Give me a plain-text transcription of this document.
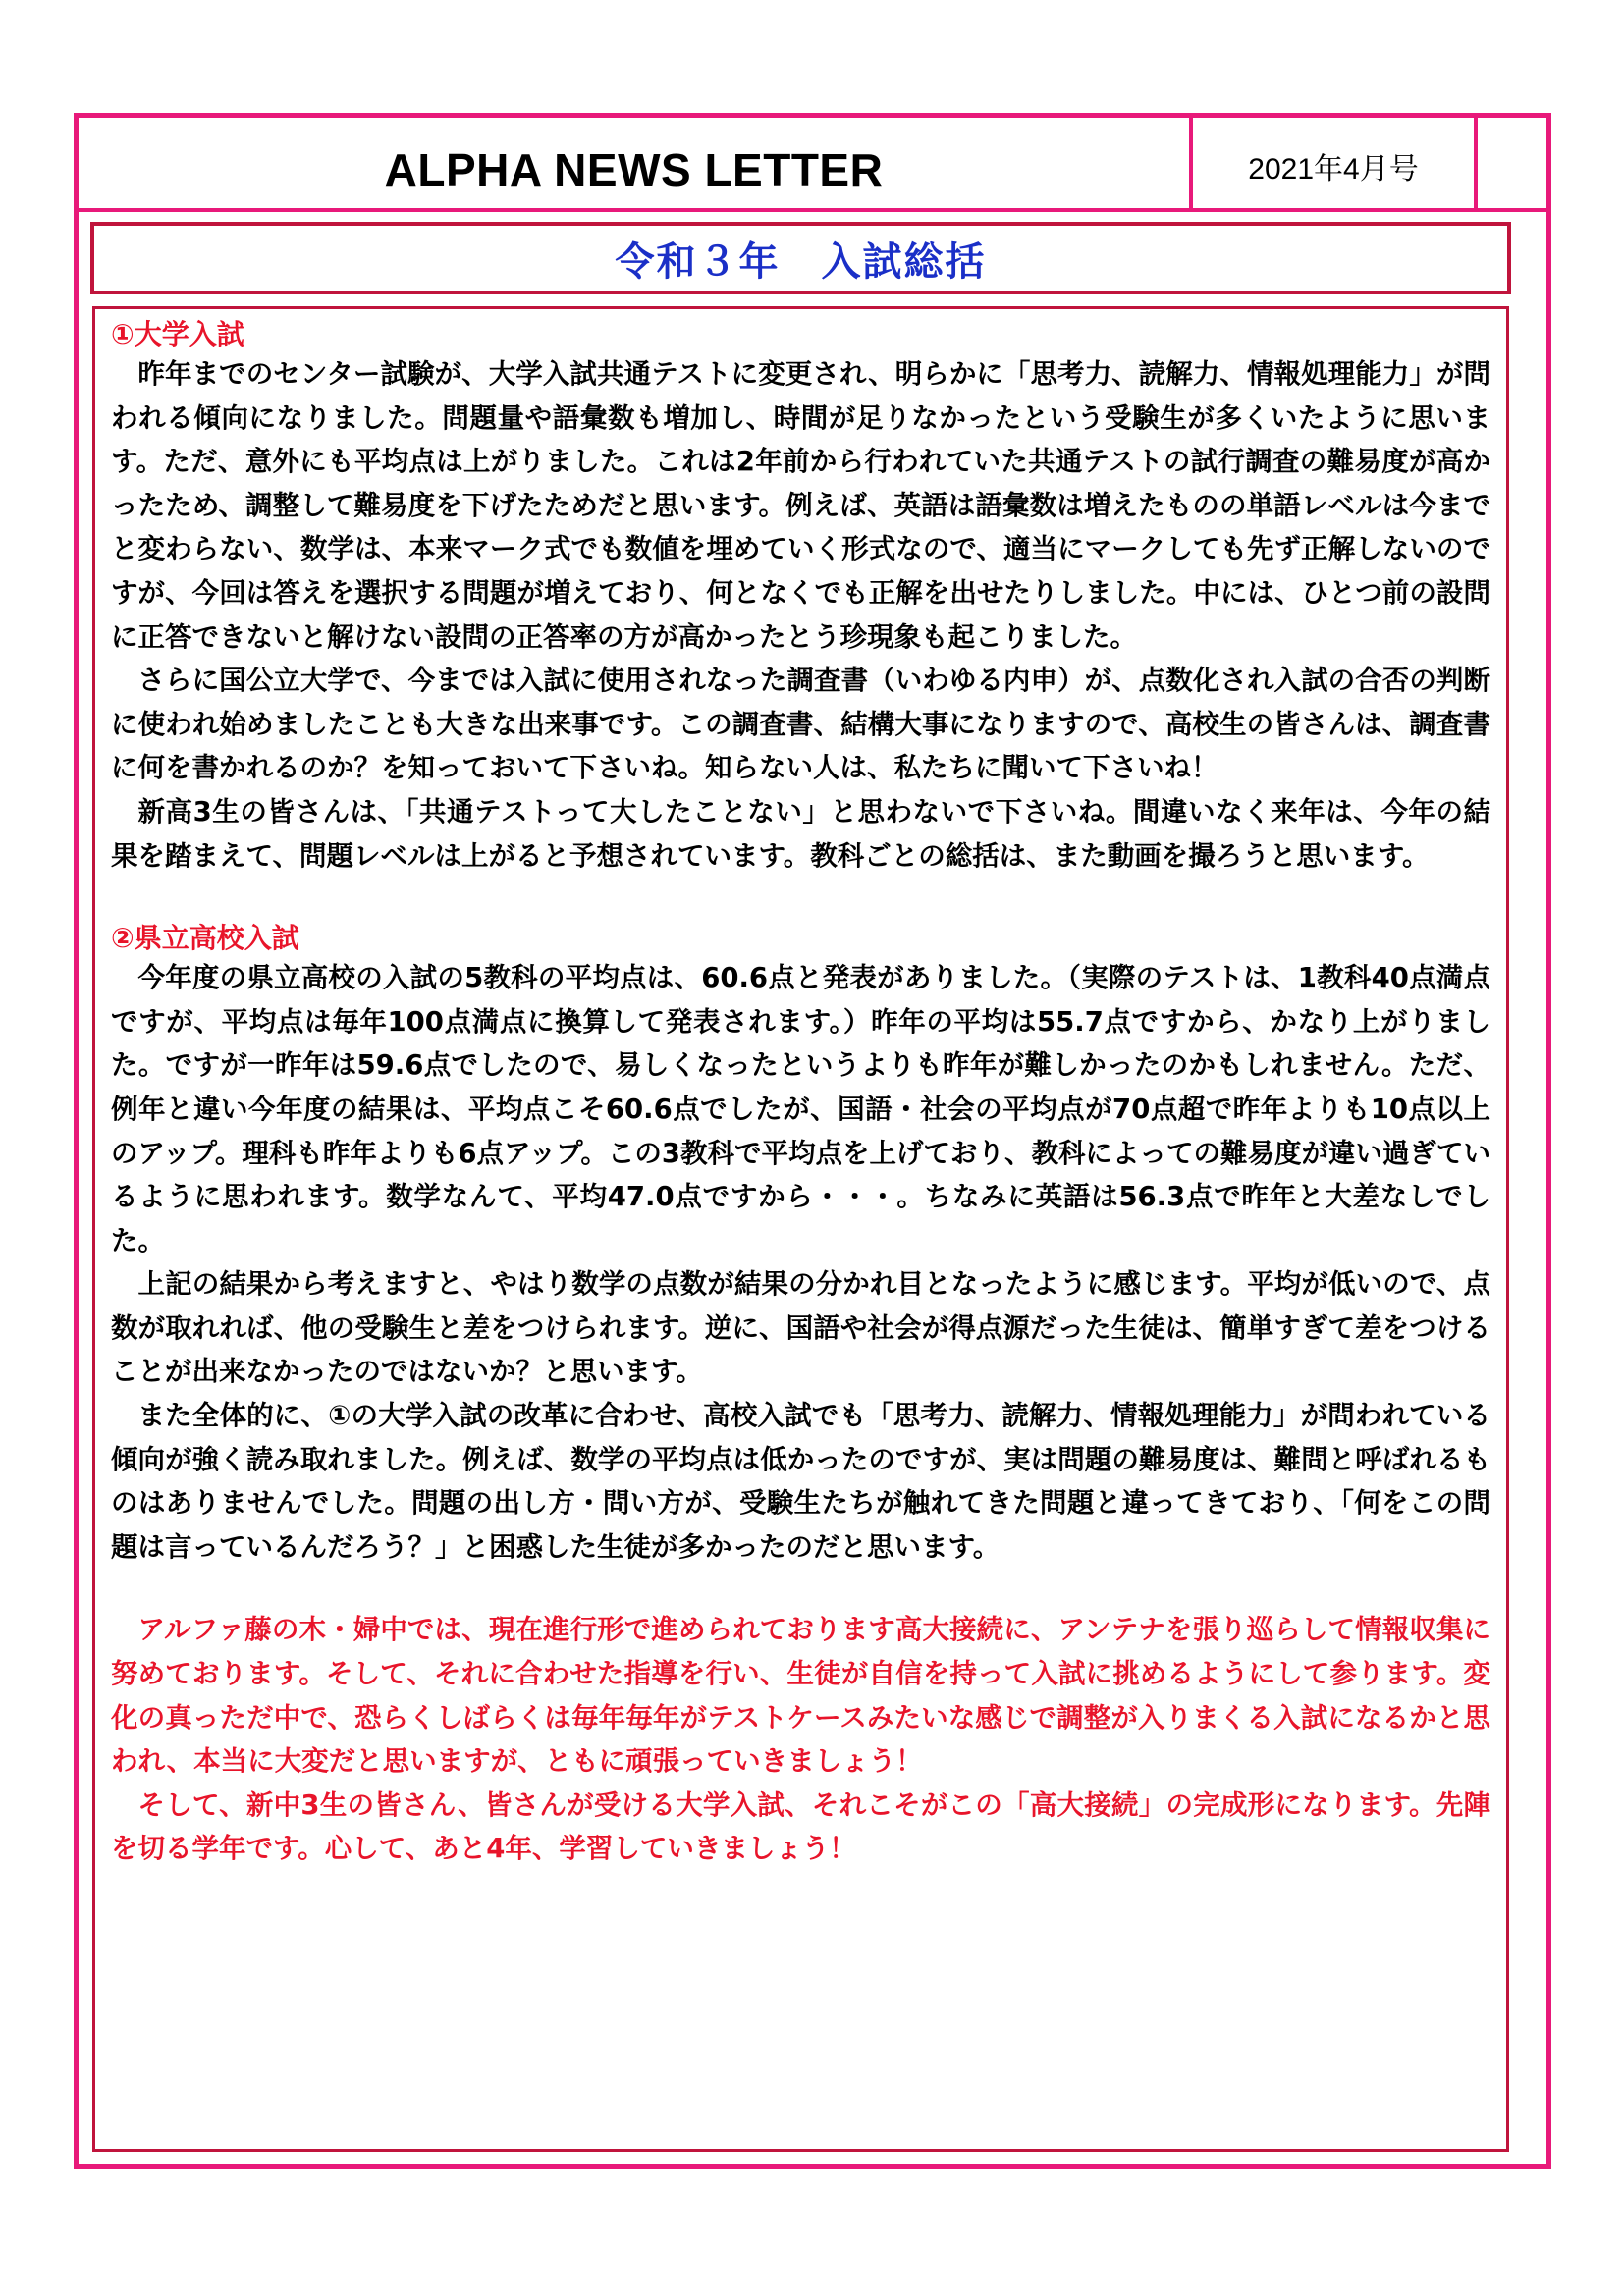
ALPHA NEWS LETTER	2021年4月号
令和３年　入試総括
①大学入試

昨年までのセンター試験が、大学入試共通テストに変更され、明らかに「思考力、読解力、情報処理能力」が問われる傾向になりました。問題量や語彙数も増加し、時間が足りなかったという受験生が多くいたように思います。ただ、意外にも平均点は上がりました。これは2年前から行われていた共通テストの試行調査の難易度が高かったため、調整して難易度を下げたためだと思います。例えば、英語は語彙数は増えたものの単語レベルは今までと変わらない、数学は、本来マーク式でも数値を埋めていく形式なので、適当にマークしても先ず正解しないのですが、今回は答えを選択する問題が増えており、何となくでも正解を出せたりしました。中には、ひとつ前の設問に正答できないと解けない設問の正答率の方が高かったとう珍現象も起こりました。

さらに国公立大学で、今までは入試に使用されなった調査書（いわゆる内申）が、点数化され入試の合否の判断に使われ始めましたことも大きな出来事です。この調査書、結構大事になりますので、高校生の皆さんは、調査書に何を書かれるのか？を知っておいて下さいね。知らない人は、私たちに聞いて下さいね！

新高3生の皆さんは、「共通テストって大したことない」と思わないで下さいね。間違いなく来年は、今年の結果を踏まえて、問題レベルは上がると予想されています。教科ごとの総括は、また動画を撮ろうと思います。

②県立高校入試

今年度の県立高校の入試の5教科の平均点は、60.6点と発表がありました。（実際のテストは、1教科40点満点ですが、平均点は毎年100点満点に換算して発表されます。）昨年の平均は55.7点ですから、かなり上がりました。ですが一昨年は59.6点でしたので、易しくなったというよりも昨年が難しかったのかもしれません。ただ、例年と違い今年度の結果は、平均点こそ60.6点でしたが、国語・社会の平均点が70点超で昨年よりも10点以上のアップ。理科も昨年よりも6点アップ。この3教科で平均点を上げており、教科によっての難易度が違い過ぎているように思われます。数学なんて、平均47.0点ですから・・・。ちなみに英語は56.3点で昨年と大差なしでした。

上記の結果から考えますと、やはり数学の点数が結果の分かれ目となったように感じます。平均が低いので、点数が取れれば、他の受験生と差をつけられます。逆に、国語や社会が得点源だった生徒は、簡単すぎて差をつけることが出来なかったのではないか？と思います。

また全体的に、①の大学入試の改革に合わせ、高校入試でも「思考力、読解力、情報処理能力」が問われている傾向が強く読み取れました。例えば、数学の平均点は低かったのですが、実は問題の難易度は、難問と呼ばれるものはありませんでした。問題の出し方・問い方が、受験生たちが触れてきた問題と違ってきており、「何をこの問題は言っているんだろう？」と困惑した生徒が多かったのだと思います。

アルファ藤の木・婦中では、現在進行形で進められております高大接続に、アンテナを張り巡らして情報収集に努めております。そして、それに合わせた指導を行い、生徒が自信を持って入試に挑めるようにして参ります。変化の真っただ中で、恐らくしばらくは毎年毎年がテストケースみたいな感じで調整が入りまくる入試になるかと思われ、本当に大変だと思いますが、ともに頑張っていきましょう！

そして、新中3生の皆さん、皆さんが受ける大学入試、それこそがこの「高大接続」の完成形になります。先陣を切る学年です。心して、あと4年、学習していきましょう！
